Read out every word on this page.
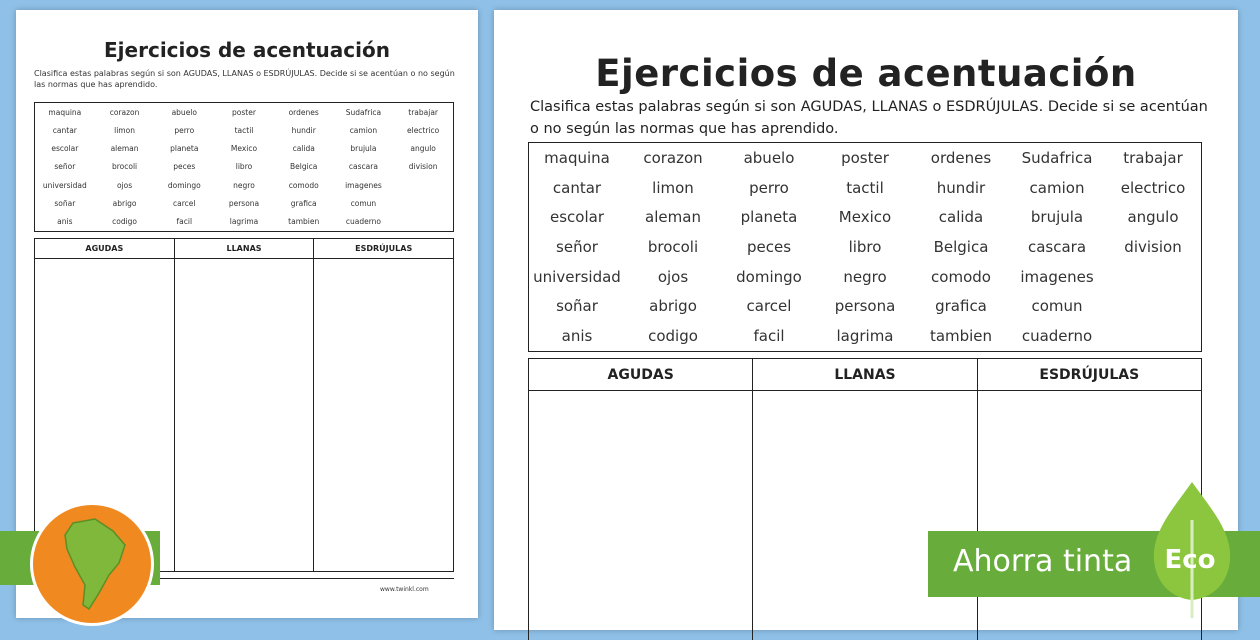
Ejercicios de acentuación
Clasifica estas palabras según si son AGUDAS, LLANAS o ESDRÚJULAS. Decide si se acentúan o no según las normas que has aprendido.
maquina	corazon	abuelo	poster	ordenes	Sudafrica	trabajar
cantar	limon	perro	tactil	hundir	camion	electrico
escolar	aleman	planeta	Mexico	calida	brujula	angulo
señor	brocoli	peces	libro	Belgica	cascara	division
universidad	ojos	domingo	negro	comodo	imagenes
soñar	abrigo	carcel	persona	grafica	comun
anis	codigo	facil	lagrima	tambien	cuaderno
AGUDAS	LLANAS	ESDRÚJULAS
www.twinkl.com
Ejercicios de acentuación
Clasifica estas palabras según si son AGUDAS, LLANAS o ESDRÚJULAS. Decide si se acentúan o no según las normas que has aprendido.
maquina	corazon	abuelo	poster	ordenes	Sudafrica	trabajar
cantar	limon	perro	tactil	hundir	camion	electrico
escolar	aleman	planeta	Mexico	calida	brujula	angulo
señor	brocoli	peces	libro	Belgica	cascara	division
universidad	ojos	domingo	negro	comodo	imagenes
soñar	abrigo	carcel	persona	grafica	comun
anis	codigo	facil	lagrima	tambien	cuaderno
AGUDAS	LLANAS	ESDRÚJULAS
Ahorra tinta	Eco
